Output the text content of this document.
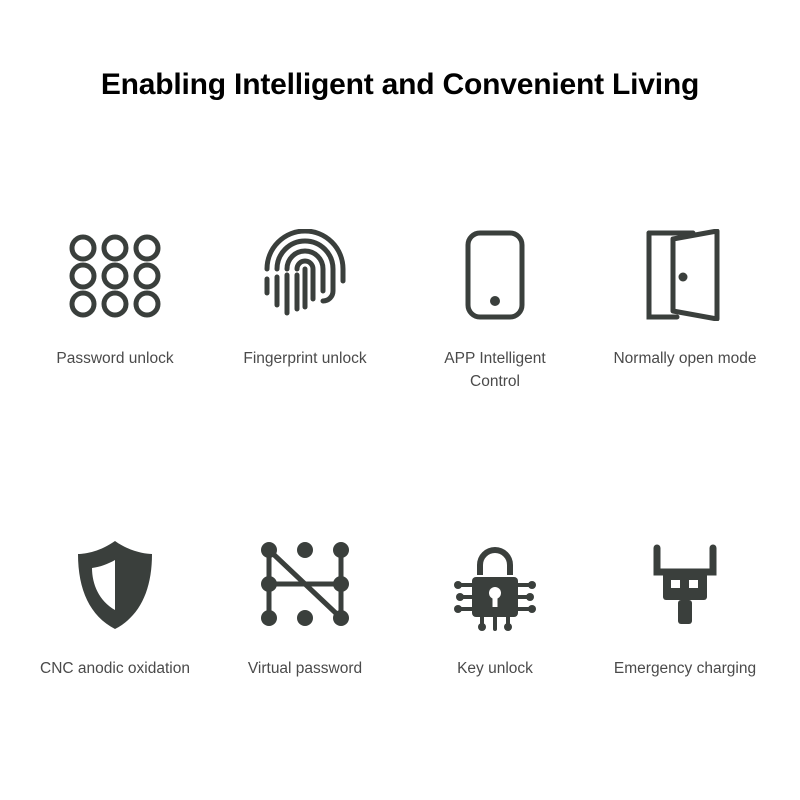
Enabling Intelligent and Convenient Living
Password unlock	Fingerprint unlock	APP Intelligent Control
Normally open mode
CNC anodic oxidation	Virtual password	Key unlock	Emergency charging
